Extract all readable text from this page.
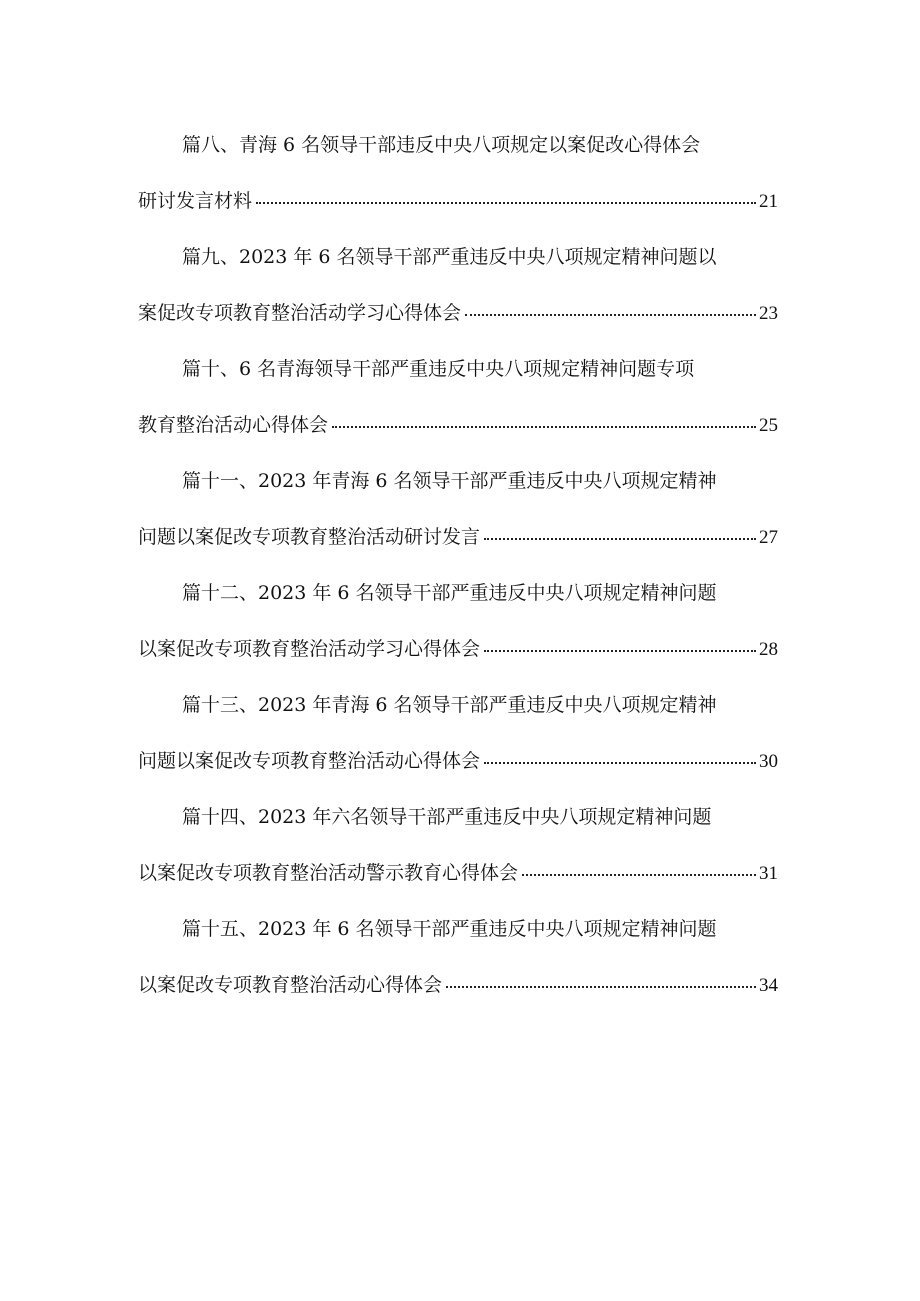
篇八、青海 6 名领导干部违反中央八项规定以案促改心得体会
研讨发言材料	21
篇九、2023 年 6 名领导干部严重违反中央八项规定精神问题以
案促改专项教育整治活动学习心得体会	23
篇十、6 名青海领导干部严重违反中央八项规定精神问题专项
教育整治活动心得体会	25
篇十一、2023 年青海 6 名领导干部严重违反中央八项规定精神
问题以案促改专项教育整治活动研讨发言	27
篇十二、2023 年 6 名领导干部严重违反中央八项规定精神问题
以案促改专项教育整治活动学习心得体会	28
篇十三、2023 年青海 6 名领导干部严重违反中央八项规定精神
问题以案促改专项教育整治活动心得体会	30
篇十四、2023 年六名领导干部严重违反中央八项规定精神问题
以案促改专项教育整治活动警示教育心得体会	31
篇十五、2023 年 6 名领导干部严重违反中央八项规定精神问题
以案促改专项教育整治活动心得体会	34
